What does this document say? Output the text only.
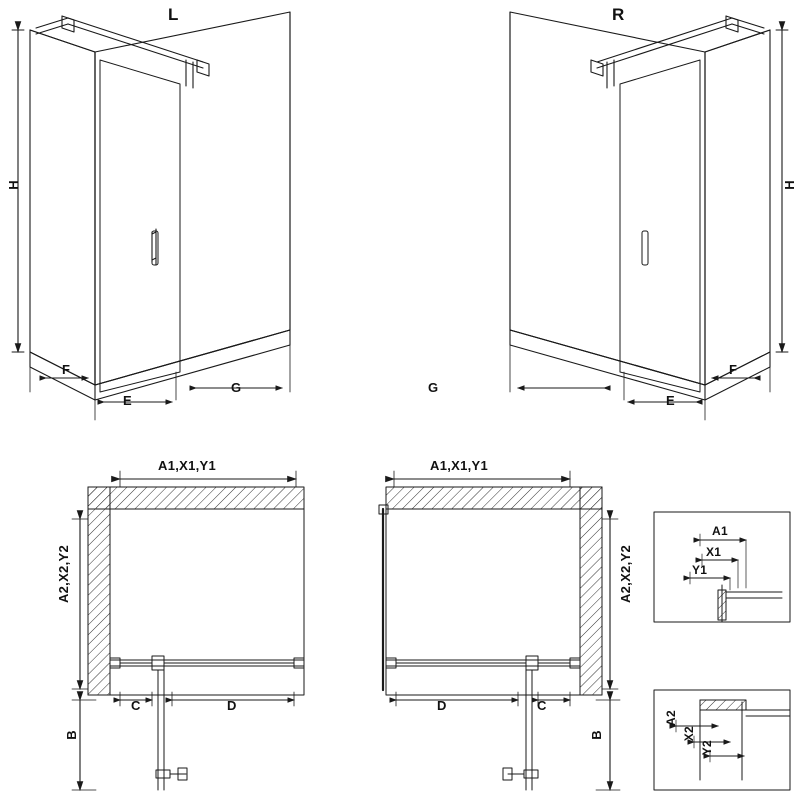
L	R
H	H
F
E
G
F
E
G
A1,X1,Y1
A2,X2,Y2
C	D
B
A1,X1,Y1
A2,X2,Y2
D	C
B
A1
X1
Y1
A2
X2
Y2
